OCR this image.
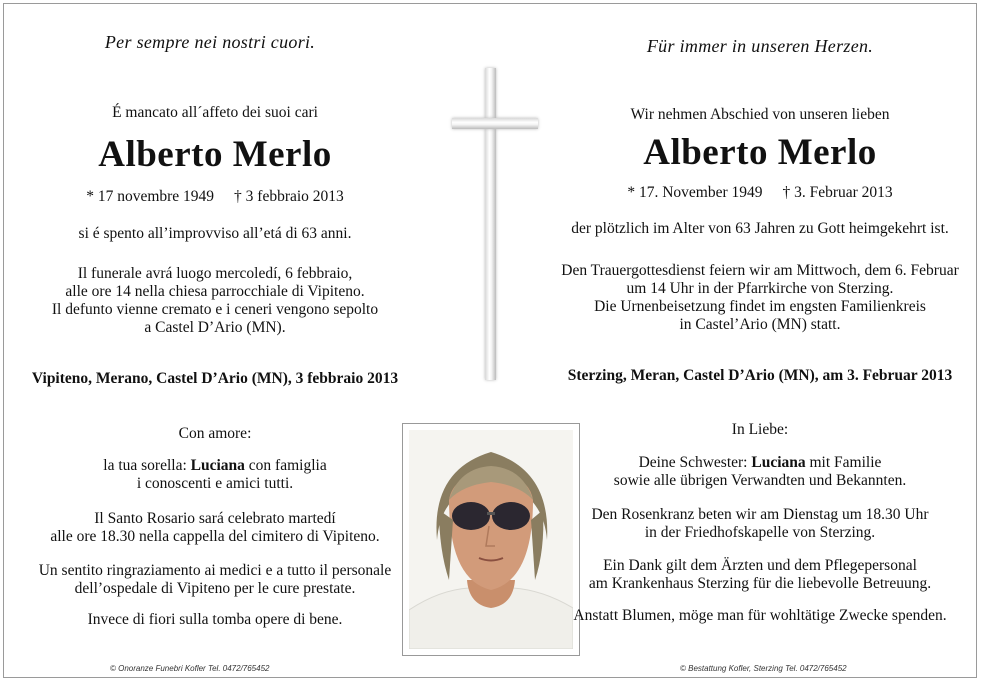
Per sempre nei nostri cuori.
É mancato all´affeto dei suoi cari
Alberto Merlo
* 17 novembre 1949 † 3 febbraio 2013
si é spento all’improvviso all’etá di 63 anni.
Il funerale avrá luogo mercoledí, 6 febbraio,
alle ore 14 nella chiesa parrocchiale di Vipiteno.
Il defunto vienne cremato e i ceneri vengono sepolto
a Castel D’Ario (MN).
Vipiteno, Merano, Castel D’Ario (MN), 3 febbraio 2013
Con amore:
la tua sorella: Luciana con famiglia
i conoscenti e amici tutti.
Il Santo Rosario sará celebrato martedí
alle ore 18.30 nella cappella del cimitero di Vipiteno.
Un sentito ringraziamento ai medici e a tutto il personale
dell’ospedale di Vipiteno per le cure prestate.
Invece di fiori sulla tomba opere di bene.
© Onoranze Funebri Kofler Tel. 0472/765452
Für immer in unseren Herzen.
Wir nehmen Abschied von unseren lieben
Alberto Merlo
* 17. November 1949 † 3. Februar 2013
der plötzlich im Alter von 63 Jahren zu Gott heimgekehrt ist.
Den Trauergottesdienst feiern wir am Mittwoch, dem 6. Februar
um 14 Uhr in der Pfarrkirche von Sterzing.
Die Urnenbeisetzung findet im engsten Familienkreis
in Castel’Ario (MN) statt.
Sterzing, Meran, Castel D’Ario (MN), am 3. Februar 2013
In Liebe:
Deine Schwester: Luciana mit Familie
sowie alle übrigen Verwandten und Bekannten.
Den Rosenkranz beten wir am Dienstag um 18.30 Uhr
in der Friedhofskapelle von Sterzing.
Ein Dank gilt dem Ärzten und dem Pflegepersonal
am Krankenhaus Sterzing für die liebevolle Betreuung.
Anstatt Blumen, möge man für wohltätige Zwecke spenden.
© Bestattung Kofler, Sterzing Tel. 0472/765452
